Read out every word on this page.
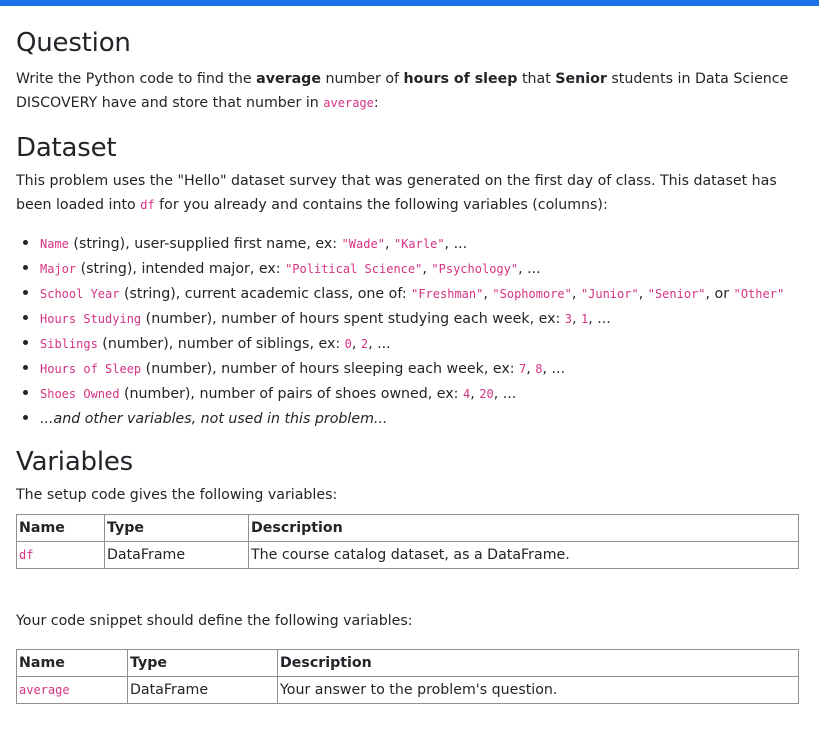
Question

Write the Python code to find the average number of hours of sleep that Senior students in Data Science DISCOVERY have and store that number in average:

Dataset

This problem uses the "Hello" dataset survey that was generated on the first day of class. This dataset has been loaded into df for you already and contains the following variables (columns):

• Name (string), user-supplied first name, ex: "Wade", "Karle", ...
• Major (string), intended major, ex: "Political Science", "Psychology", ...
• School Year (string), current academic class, one of: "Freshman", "Sophomore", "Junior", "Senior", or "Other"
• Hours Studying (number), number of hours spent studying each week, ex: 3, 1, ...
• Siblings (number), number of siblings, ex: 0, 2, ...
• Hours of Sleep (number), number of hours sleeping each week, ex: 7, 8, ...
• Shoes Owned (number), number of pairs of shoes owned, ex: 4, 20, ...
• ...and other variables, not used in this problem...
Variables

The setup code gives the following variables:

Name	Type	Description
df	DataFrame	The course catalog dataset, as a DataFrame.

Your code snippet should define the following variables:

Name	Type	Description
average	DataFrame	Your answer to the problem's question.
